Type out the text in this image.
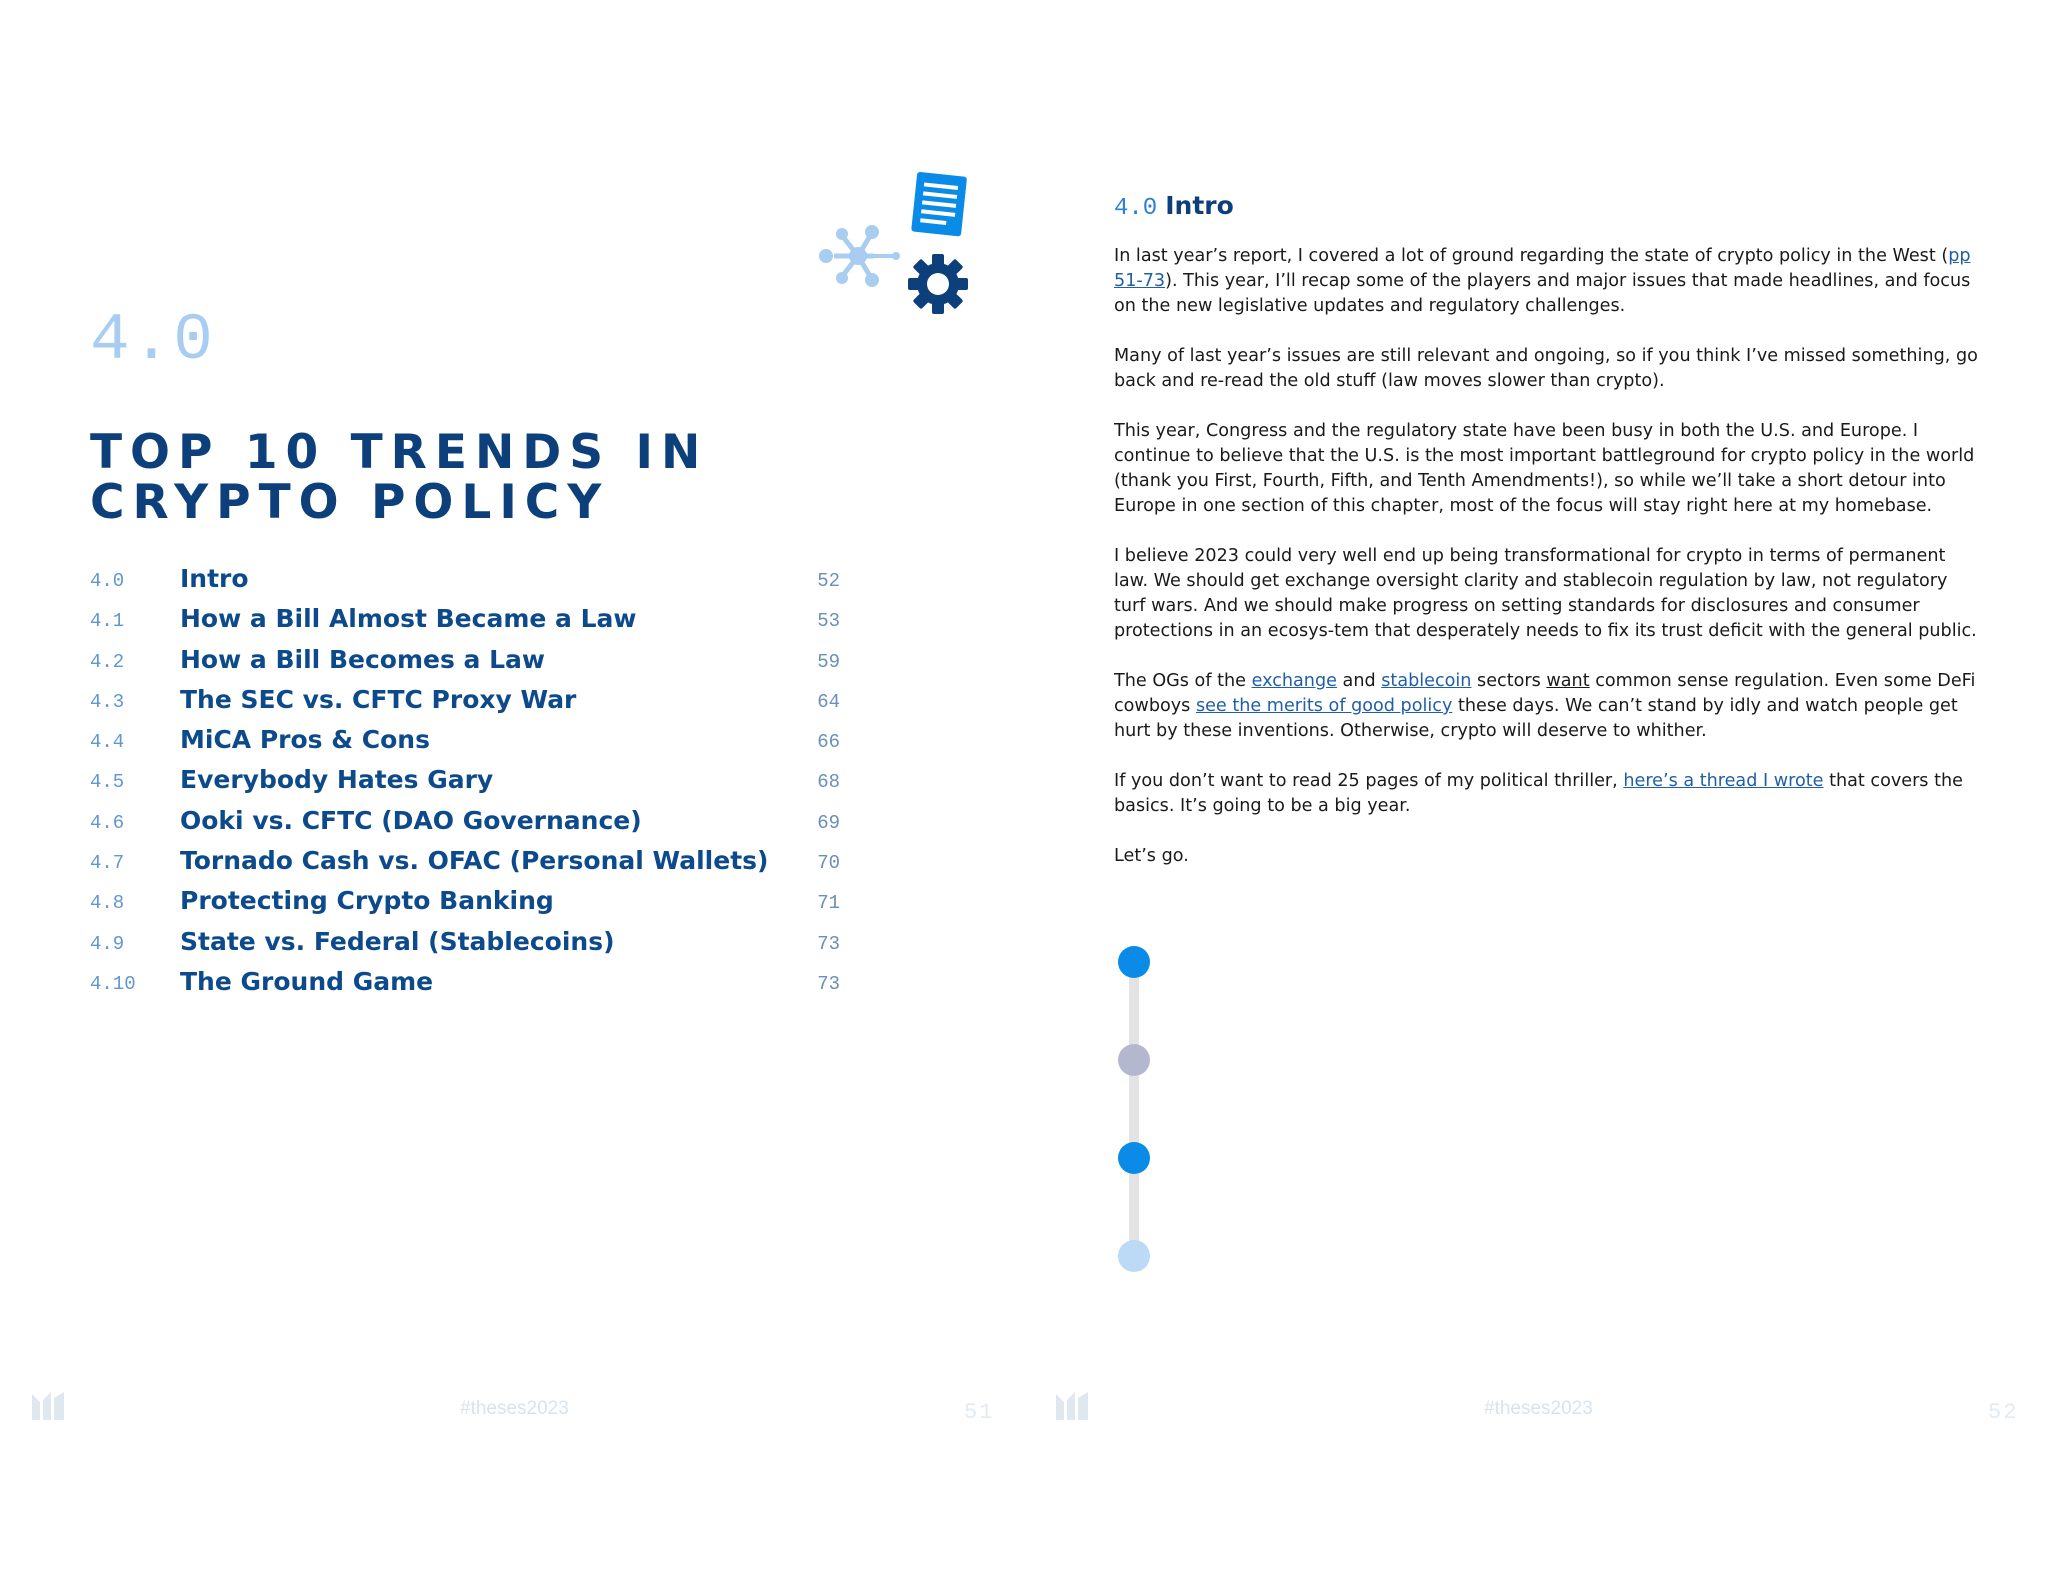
4.0
TOP 10 TRENDS IN
CRYPTO POLICY
4.0 Intro	52
4.1 How a Bill Almost Became a Law	53
4.2 How a Bill Becomes a Law	59
4.3 The SEC vs. CFTC Proxy War	64
4.4 MiCA Pros & Cons	66
4.5 Everybody Hates Gary	68
4.6 Ooki vs. CFTC (DAO Governance)	69
4.7 Tornado Cash vs. OFAC (Personal Wallets)	70
4.8 Protecting Crypto Banking	71
4.9 State vs. Federal (Stablecoins)	73
4.10 The Ground Game	73
#theses2023	51
4.0 Intro

In last year’s report, I covered a lot of ground regarding the state of crypto policy in the West (pp 51-73). This year, I’ll recap some of the players and major issues that made headlines, and focus on the new legislative updates and regulatory challenges.

Many of last year’s issues are still relevant and ongoing, so if you think I’ve missed something, go back and re-read the old stuff (law moves slower than crypto).

This year, Congress and the regulatory state have been busy in both the U.S. and Europe. I continue to believe that the U.S. is the most important battleground for crypto policy in the world (thank you First, Fourth, Fifth, and Tenth Amendments!), so while we’ll take a short detour into Europe in one section of this chapter, most of the focus will stay right here at my homebase.

I believe 2023 could very well end up being transformational for crypto in terms of permanent law. We should get exchange oversight clarity and stablecoin regulation by law, not regulatory turf wars. And we should make progress on setting standards for disclosures and consumer protections in an ecosys-tem that desperately needs to fix its trust deficit with the general public.

The OGs of the exchange and stablecoin sectors want common sense regulation. Even some DeFi cowboys see the merits of good policy these days. We can’t stand by idly and watch people get hurt by these inventions. Otherwise, crypto will deserve to whither.

If you don’t want to read 25 pages of my political thriller, here’s a thread I wrote that covers the basics. It’s going to be a big year.

Let’s go.

#theses2023	52
